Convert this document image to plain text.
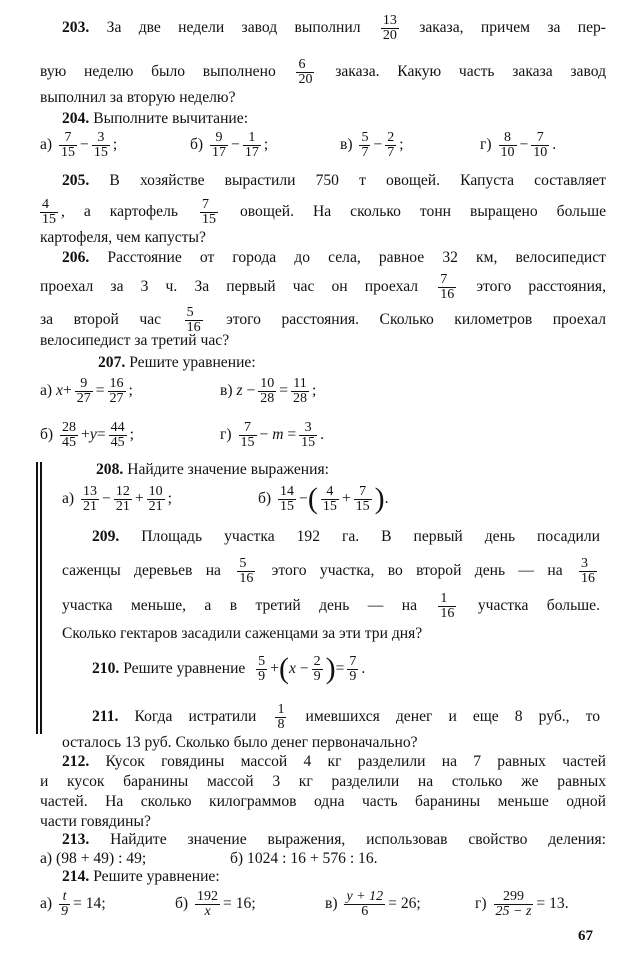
203. За две недели завод выполнил $\frac{13}{20}$ заказа, причем за пер-
вую неделю было выполнено $\frac{6}{20}$ заказа. Какую часть заказа завод
выполнил за вторую неделю?
204. Выполните вычитание:
а)
$\frac{7}{15} - \frac{3}{15}$ ;	б)
$\frac{9}{17} - \frac{1}{17}$ ;	в)
$\frac{5}{7} - \frac{2}{7}$ ;	г)
$\frac{8}{10} - \frac{7}{10}$ .
205. В хозяйстве вырастили 750 т овощей. Капуста составляет
$\frac{4}{15}$ , а картофель $\frac{7}{15}$ овощей. На сколько тонн выращено больше
картофеля, чем капусты?
206. Расстояние от города до села, равное 32 км, велосипедист
проехал за 3 ч. За первый час он проехал $\frac{7}{16}$ этого расстояния,
за второй час $\frac{5}{16}$ этого расстояния. Сколько километров проехал
велосипедист за третий час?
207. Решите уравнение:
а)
$x + \frac{9}{27} = \frac{16}{27}$ ;	в)
z
− $\frac{10}{28} = \frac{11}{28}$ ;
б)
$\frac{28}{45} + y = \frac{44}{45}$ ;	г)
$\frac{7}{15}$ −
m
= $\frac{3}{15}$ .
208. Найдите значение выражения:
а)
$\frac{13}{21} - \frac{12}{21} + \frac{10}{21}$ ;	б)
$\frac{14}{15}$ − ( $\frac{4}{15} + \frac{7}{15}$ ) .
209. Площадь участка 192 га. В первый день посадили
саженцы деревьев на $\frac{5}{16}$ этого участка, во второй день — на $\frac{3}{16}$
участка меньше, а в третий день — на $\frac{1}{16}$ участка больше.
Сколько гектаров засадили саженцами за эти три дня?
210.
Решите уравнение
$\frac{5}{9}$ + ( x
− $\frac{2}{9}$ ) = $\frac{7}{9}$ .
211. Когда истратили $\frac{1}{8}$ имевшихся денег и еще 8 руб., то
осталось 13 руб. Сколько было денег первоначально?
212. Кусок говядины массой 4 кг разделили на 7 равных частей
и кусок баранины массой 3 кг разделили на столько же равных
частей. На сколько килограммов одна часть баранины меньше одной
части говядины?
213. Найдите значение выражения, использовав свойство деления:
а) (98 + 49) : 49;	б) 1024 : 16 + 576 : 16.
214. Решите уравнение:
а)
$\frac{t}{9} = 14$;	б)
$\frac{192}{x} = 16$;	в)
$\frac{y + 12}{6} = 26$;	г)
$\frac{299}{25 - z} = 13$.
67
